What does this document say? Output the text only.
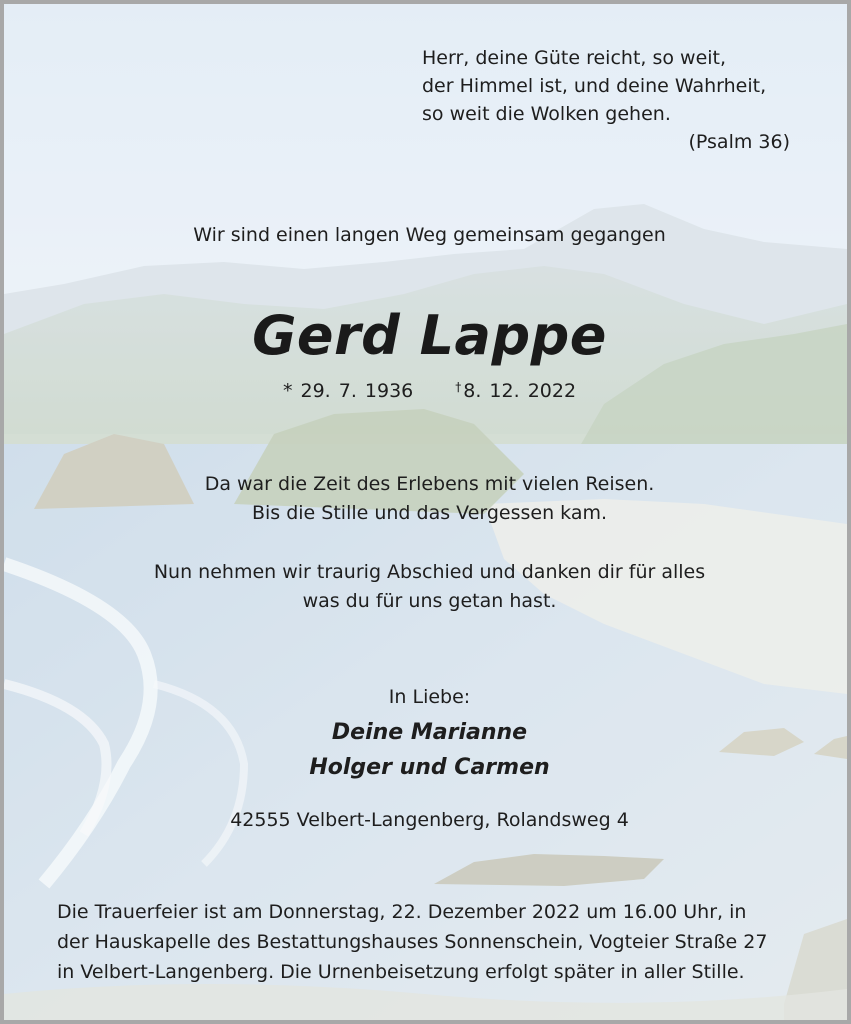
Herr, deine Güte reicht, so weit,
der Himmel ist, und deine Wahrheit,
so weit die Wolken gehen.
(Psalm 36)

Wir sind einen langen Weg gemeinsam gegangen

Gerd Lappe

* 29. 7. 1936	† 8. 12. 2022

Da war die Zeit des Erlebens mit vielen Reisen.
Bis die Stille und das Vergessen kam.

Nun nehmen wir traurig Abschied und danken dir für alles
was du für uns getan hast.

In Liebe:
Deine Marianne
Holger und Carmen

42555 Velbert-Langenberg, Rolandsweg 4

Die Trauerfeier ist am Donnerstag, 22. Dezember 2022 um 16.00 Uhr, in
der Hauskapelle des Bestattungshauses Sonnenschein, Vogteier Straße 27
in Velbert-Langenberg. Die Urnenbeisetzung erfolgt später in aller Stille.
